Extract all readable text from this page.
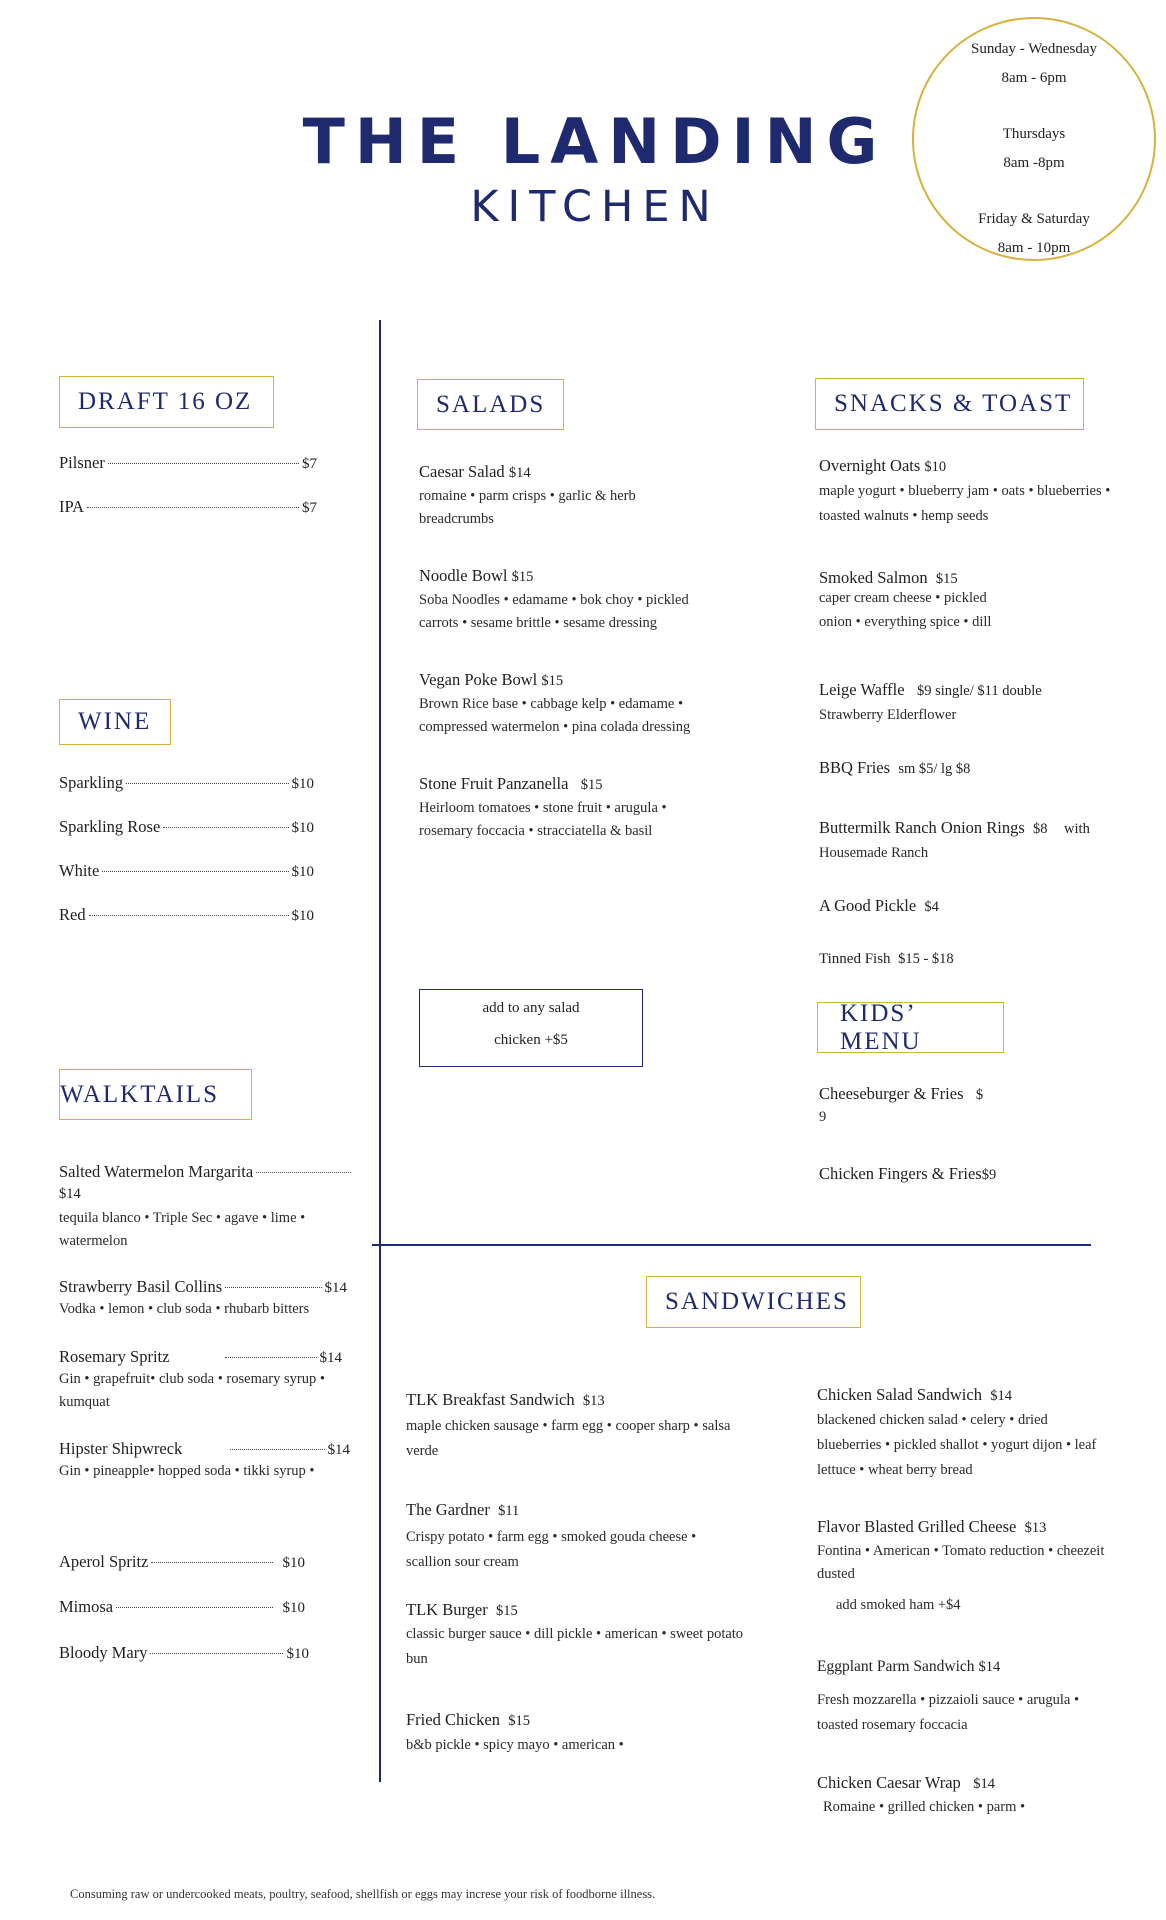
THE LANDING
KITCHEN
Sunday - Wednesday
8am - 6pm
Thursdays
8am -8pm
Friday & Saturday
8am - 10pm
DRAFT 16 OZ
Pilsner	$7
IPA	$7
WINE
Sparkling	$10
Sparkling Rose	$10
White	$10
Red	$10
WALKTAILS
Salted Watermelon Margarita
$14
tequila blanco • Triple Sec • agave • lime •
watermelon
Strawberry Basil Collins	$14
Vodka • lemon • club soda • rhubarb bitters
Rosemary Spritz	$14
Gin • grapefruit• club soda • rosemary syrup •
kumquat
Hipster Shipwreck	$14
Gin • pineapple• hopped soda • tikki syrup •
Aperol Spritz	$10
Mimosa	$10
Bloody Mary	$10
SALADS
Caesar Salad $14
romaine • parm crisps • garlic & herb
breadcrumbs
Noodle Bowl $15
Soba Noodles • edamame • bok choy • pickled
carrots • sesame brittle • sesame dressing
Vegan Poke Bowl $15
Brown Rice base • cabbage kelp • edamame •
compressed watermelon • pina colada dressing
Stone Fruit Panzanella $15
Heirloom tomatoes • stone fruit • arugula •
rosemary foccacia • stracciatella & basil
add to any salad
chicken +$5
SNACKS & TOAST
Overnight Oats $10
maple yogurt • blueberry jam • oats • blueberries •
toasted walnuts • hemp seeds
Smoked Salmon $15
caper cream cheese • pickled
onion • everything spice • dill
Leige Waffle $9 single/ $11 double
Strawberry Elderflower
BBQ Fries sm $5/ lg $8
Buttermilk Ranch Onion Rings $8 with
Housemade Ranch
A Good Pickle $4
Tinned Fish $15 - $18
KIDS’ MENU
Cheeseburger & Fries $
9
Chicken Fingers & Fries$9
SANDWICHES
TLK Breakfast Sandwich $13
maple chicken sausage • farm egg • cooper sharp • salsa
verde
The Gardner $11
Crispy potato • farm egg • smoked gouda cheese •
scallion sour cream
TLK Burger $15
classic burger sauce • dill pickle • american • sweet potato
bun
Fried Chicken $15
b&b pickle • spicy mayo • american •
Chicken Salad Sandwich $14
blackened chicken salad • celery • dried
blueberries • pickled shallot • yogurt dijon • leaf
lettuce • wheat berry bread
Flavor Blasted Grilled Cheese $13
Fontina • American • Tomato reduction • cheezeit
dusted
add smoked ham +$4
Eggplant Parm Sandwich $14
Fresh mozzarella • pizzaioli sauce • arugula •
toasted rosemary foccacia
Chicken Caesar Wrap $14
Romaine • grilled chicken • parm •
Consuming raw or undercooked meats, poultry, seafood, shellfish or eggs may increse your risk of foodborne illness.
